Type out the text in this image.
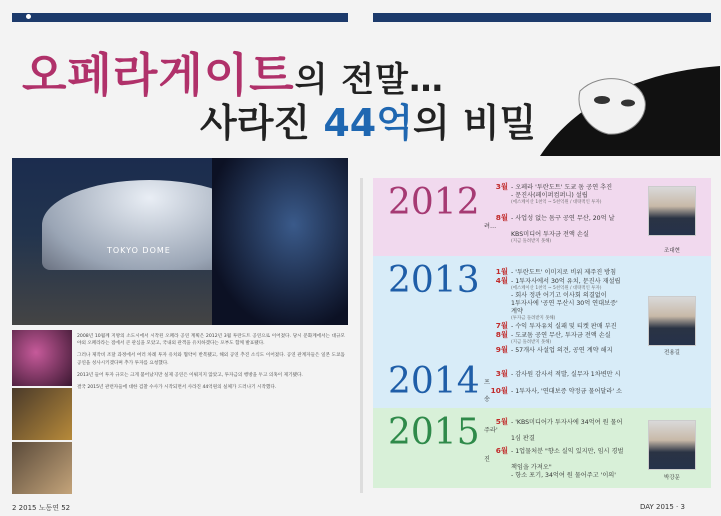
오페라게이트의 전말…
사라진 44억의 비밀
TOKYO DOME

2008년 10월께 지방의 소도시에서 시작된 오페라 공연 계획은 2012년 3월 투란도트 공연으로 이어졌다. 당시 문화계에서는 대규모 야외 오페라라는 점에서 큰 관심을 모았고, 국내외 관객을 유치하겠다는 포부도 함께 발표됐다.

그러나 제작비 조달 과정에서 여러 차례 투자 유치와 협약이 반복됐고, 해외 공연 추진 소식도 이어졌다. 공연 관계자들은 일본 도쿄돔 공연을 성사시키겠다며 추가 투자를 요청했다.

2013년 들어 투자 규모는 크게 불어났지만 실제 공연은 이뤄지지 않았고, 투자금의 행방을 두고 의혹이 제기됐다.

결국 2015년 관련자들에 대한 검찰 수사가 시작되면서 사라진 44억원의 실체가 드러나기 시작했다.

2 2015 노동연 52
2012
2013
2014
2015
3월 - 오페라 '투란도트' 도쿄 돔 공연 추진
- 문진사(페이퍼컴퍼니) 설립
(에스케이산 1천억 ~ 5천억원 / 대략적인 투자)
8월 - 사업성 없는 돔구 공연 무산, 20억 날려…
KBS미디어 투자금 전액 손실
(지금 돌려받지 못해)
조대현
1월 - '투란도트' 이미지로 비위 제주진 방침
4월 - 1투자사에서 30억 유치, 문진사 재설립
(에스케이산 1천억 ~ 5천억원 / 대략적인 투자)
- 회사 정관 어기고 이사회 의결없이
1투자사에 '공연 무산시 30억 연대보증' 계약
(투자금 돌려받지 못해)
7월 - 수익 투자유치 실패 및 티켓 판매 부진
8월 - 도쿄돔 공연 무산, 투자금 전액 손실
(지금 돌려받지 못해)
9월 - 57개사 사설업 의견, 공연 계약 해지	전용길
3월 - 감사원 감사서 적발, 실무자 1차변만 시프
10월 - 1투자사, '연대보증 약정금 물어달라' 소송
5월 - 'KBS미디어가 투자사에 34억여 원 물어주라'
1심 판결
6월 - 1업물처분 "향소 실익 있지만, 임시 경벌진
책임을 가져오"
- 항소 포기, 34억여 원 물어주고 '이의'	박강문
DAY 2015 · 3
